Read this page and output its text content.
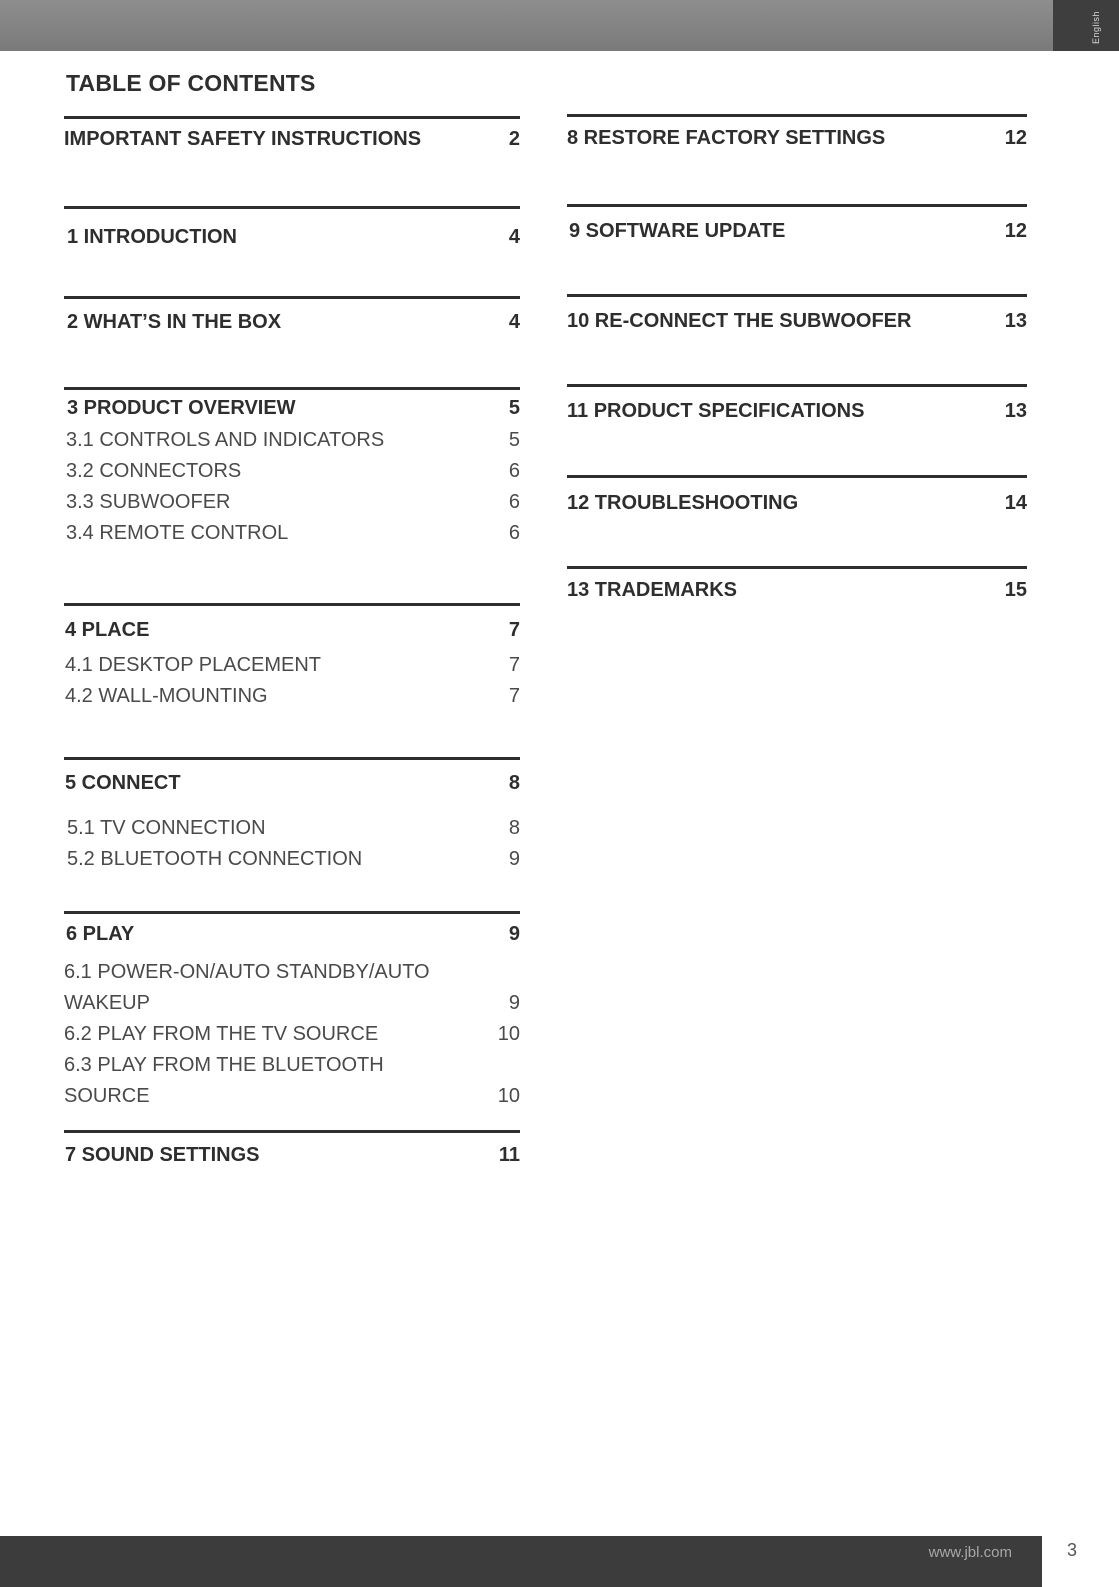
English
TABLE OF CONTENTS
IMPORTANT SAFETY INSTRUCTIONS	2
1 INTRODUCTION	4
2 WHAT’S IN THE BOX	4
3 PRODUCT OVERVIEW	5
3.1 CONTROLS AND INDICATORS	5
3.2 CONNECTORS	6
3.3 SUBWOOFER	6
3.4 REMOTE CONTROL	6
4 PLACE	7
4.1 DESKTOP PLACEMENT	7
4.2 WALL-MOUNTING	7
5 CONNECT	8
5.1 TV CONNECTION	8
5.2 BLUETOOTH CONNECTION	9
6 PLAY	9
6.1 POWER-ON/AUTO STANDBY/AUTO
WAKEUP	9
6.2 PLAY FROM THE TV SOURCE	10
6.3 PLAY FROM THE BLUETOOTH
SOURCE	10
7 SOUND SETTINGS	11
8 RESTORE FACTORY SETTINGS	12
9 SOFTWARE UPDATE	12
10 RE-CONNECT THE SUBWOOFER	13
11 PRODUCT SPECIFICATIONS	13
12 TROUBLESHOOTING	14
13 TRADEMARKS	15
www.jbl.com	3
